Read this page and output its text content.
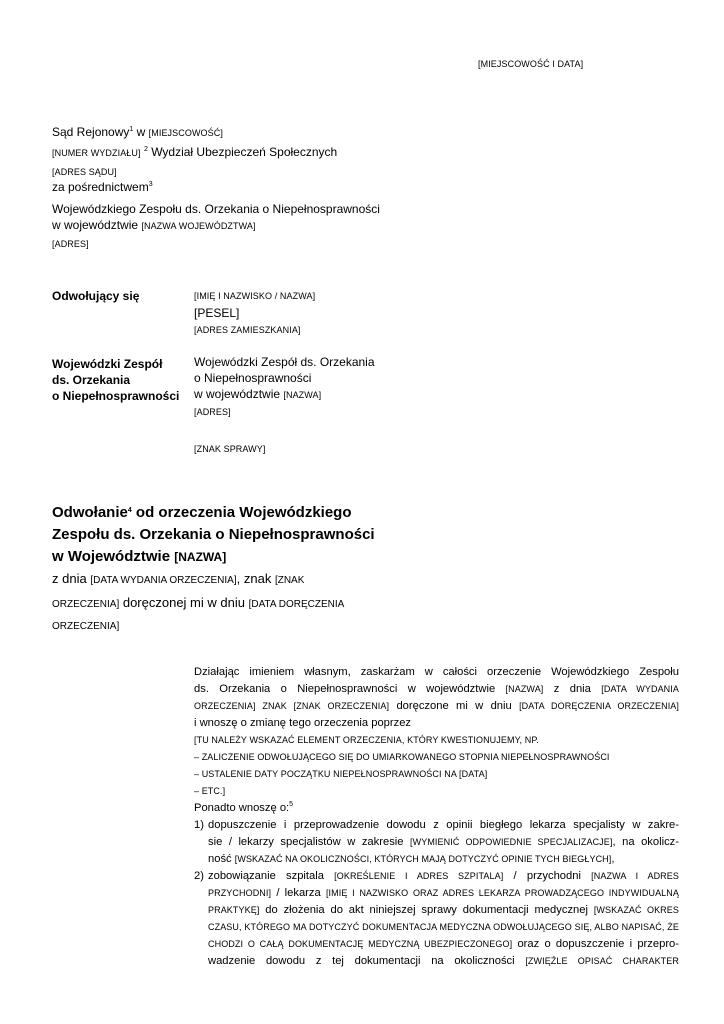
[MIEJSCOWOŚĆ I DATA]
Sąd Rejonowy$^1$ w [MIEJSCOWOŚĆ]
[NUMER WYDZIAŁU] $^2$ Wydział Ubezpieczeń Społecznych
[ADRES SĄDU]
za pośrednictwem$^3$
Wojewódzkiego Zespołu ds. Orzekania o Niepełnosprawności
w województwie [NAZWA WOJEWÓDZTWA]
[ADRES]
Odwołujący się	[IMIĘ I NAZWISKO / NAZWA]
[PESEL]
[ADRES ZAMIESZKANIA]
Wojewódzki Zespół
ds. Orzekania
o Niepełnosprawności
Wojewódzki Zespół ds. Orzekania
o Niepełnosprawności
w województwie [NAZWA]
[ADRES]
[ZNAK SPRAWY]
Odwołanie$^4$ od orzeczenia Wojewódzkiego
Zespołu ds. Orzekania o Niepełnosprawności
w Województwie [NAZWA]
z dnia [DATA WYDANIA ORZECZENIA], znak [ZNAK
ORZECZENIA] doręczonej mi w dniu [DATA DORĘCZENIA
ORZECZENIA]
Działając imieniem własnym, zaskarżam w całości orzeczenie Wojewódzkiego Zespołu
ds. Orzekania o Niepełnosprawności w województwie [NAZWA] z dnia [DATA WYDANIA
ORZECZENIA] ZNAK [ZNAK ORZECZENIA] doręczone mi w dniu [DATA DORĘCZENIA ORZECZENIA]
i wnoszę o zmianę tego orzeczenia poprzez
[TU NALEŻY WSKAZAĆ ELEMENT ORZECZENIA, KTÓRY KWESTIONUJEMY, NP.
– ZALICZENIE ODWOŁUJĄCEGO SIĘ DO UMIARKOWANEGO STOPNIA NIEPEŁNOSPRAWNOŚCI
– USTALENIE DATY POCZĄTKU NIEPEŁNOSPRAWNOŚCI NA [DATA]
– ETC.]
Ponadto wnoszę o:$^5$
1) dopuszczenie i przeprowadzenie dowodu z opinii biegłego lekarza specjalisty w zakre-
sie / lekarzy specjalistów w zakresie [WYMIENIĆ ODPOWIEDNIE SPECJALIZACJE], na okolicz-
ność [WSKAZAĆ NA OKOLICZNOŚCI, KTÓRYCH MAJĄ DOTYCZYĆ OPINIE TYCH BIEGŁYCH],
2) zobowiązanie szpitala [OKREŚLENIE I ADRES SZPITALA] / przychodni [NAZWA I ADRES
PRZYCHODNI] / lekarza [IMIĘ I NAZWISKO ORAZ ADRES LEKARZA PROWADZĄCEGO INDYWIDUALNĄ
PRAKTYKĘ] do złożenia do akt niniejszej sprawy dokumentacji medycznej [WSKAZAĆ OKRES
CZASU, KTÓREGO MA DOTYCZYĆ DOKUMENTACJA MEDYCZNA ODWOŁUJĄCEGO SIĘ, ALBO NAPISAĆ, ŻE
CHODZI O CAŁĄ DOKUMENTACJĘ MEDYCZNĄ UBEZPIECZONEGO] oraz o dopuszczenie i przepro-
wadzenie dowodu z tej dokumentacji na okoliczności [ZWIĘŹLE OPISAĆ CHARAKTER
